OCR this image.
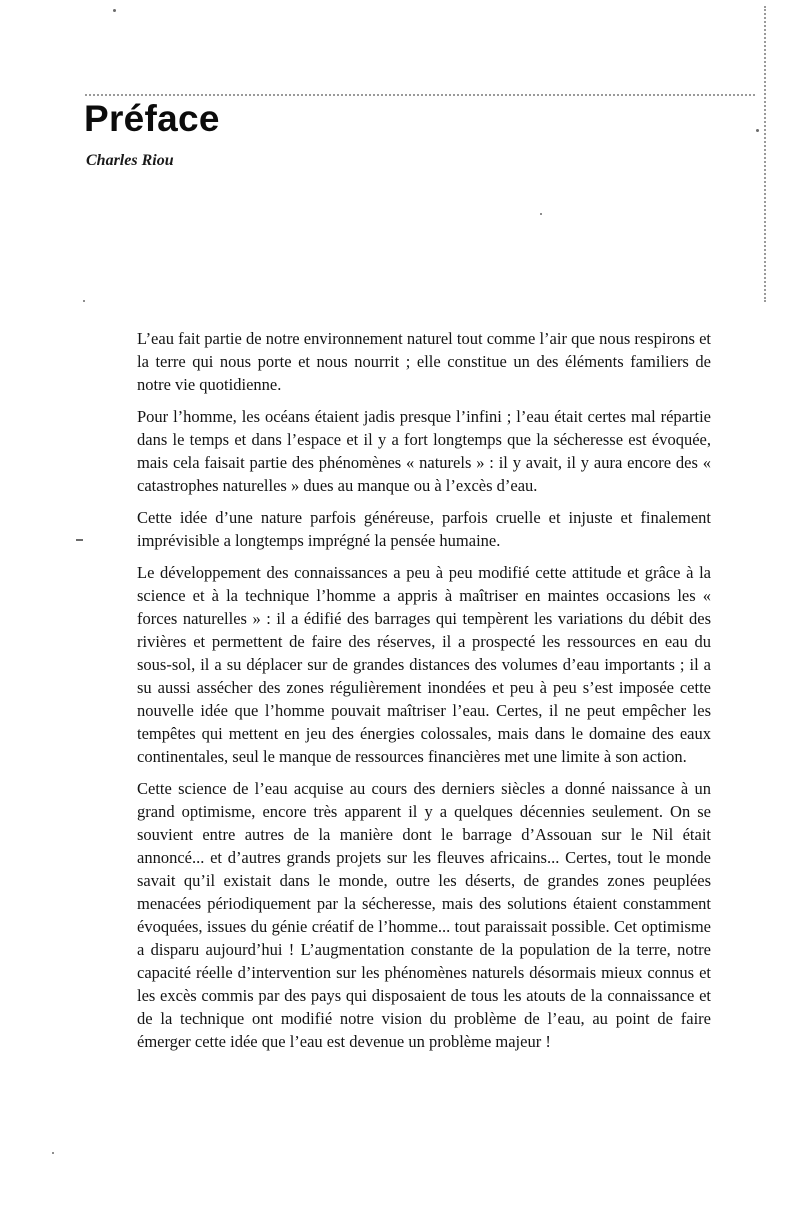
Préface
Charles Riou

L’eau fait partie de notre environnement naturel tout comme l’air que nous respirons et la terre qui nous porte et nous nourrit ; elle constitue un des éléments familiers de notre vie quotidienne.

Pour l’homme, les océans étaient jadis presque l’infini ; l’eau était certes mal répartie dans le temps et dans l’espace et il y a fort longtemps que la sécheresse est évoquée, mais cela faisait partie des phénomènes « naturels » : il y avait, il y aura encore des « catastrophes naturelles » dues au manque ou à l’excès d’eau.

Cette idée d’une nature parfois généreuse, parfois cruelle et injuste et finalement imprévisible a longtemps imprégné la pensée humaine.

Le développement des connaissances a peu à peu modifié cette attitude et grâce à la science et à la technique l’homme a appris à maîtriser en maintes occasions les « forces naturelles » : il a édifié des barrages qui tempèrent les variations du débit des rivières et permettent de faire des réserves, il a prospecté les ressources en eau du sous-sol, il a su déplacer sur de grandes distances des volumes d’eau importants ; il a su aussi assécher des zones régulièrement inondées et peu à peu s’est imposée cette nouvelle idée que l’homme pouvait maîtriser l’eau. Certes, il ne peut empêcher les tempêtes qui mettent en jeu des énergies colossales, mais dans le domaine des eaux continentales, seul le manque de ressources financières met une limite à son action.

Cette science de l’eau acquise au cours des derniers siècles a donné naissance à un grand optimisme, encore très apparent il y a quelques décennies seulement. On se souvient entre autres de la manière dont le barrage d’Assouan sur le Nil était annoncé... et d’autres grands projets sur les fleuves africains... Certes, tout le monde savait qu’il existait dans le monde, outre les déserts, de grandes zones peuplées menacées périodiquement par la sécheresse, mais des solutions étaient constamment évoquées, issues du génie créatif de l’homme... tout paraissait possible. Cet optimisme a disparu aujourd’hui ! L’augmentation constante de la population de la terre, notre capacité réelle d’intervention sur les phénomènes naturels désormais mieux connus et les excès commis par des pays qui disposaient de tous les atouts de la connaissance et de la technique ont modifié notre vision du problème de l’eau, au point de faire émerger cette idée que l’eau est devenue un problème majeur !
